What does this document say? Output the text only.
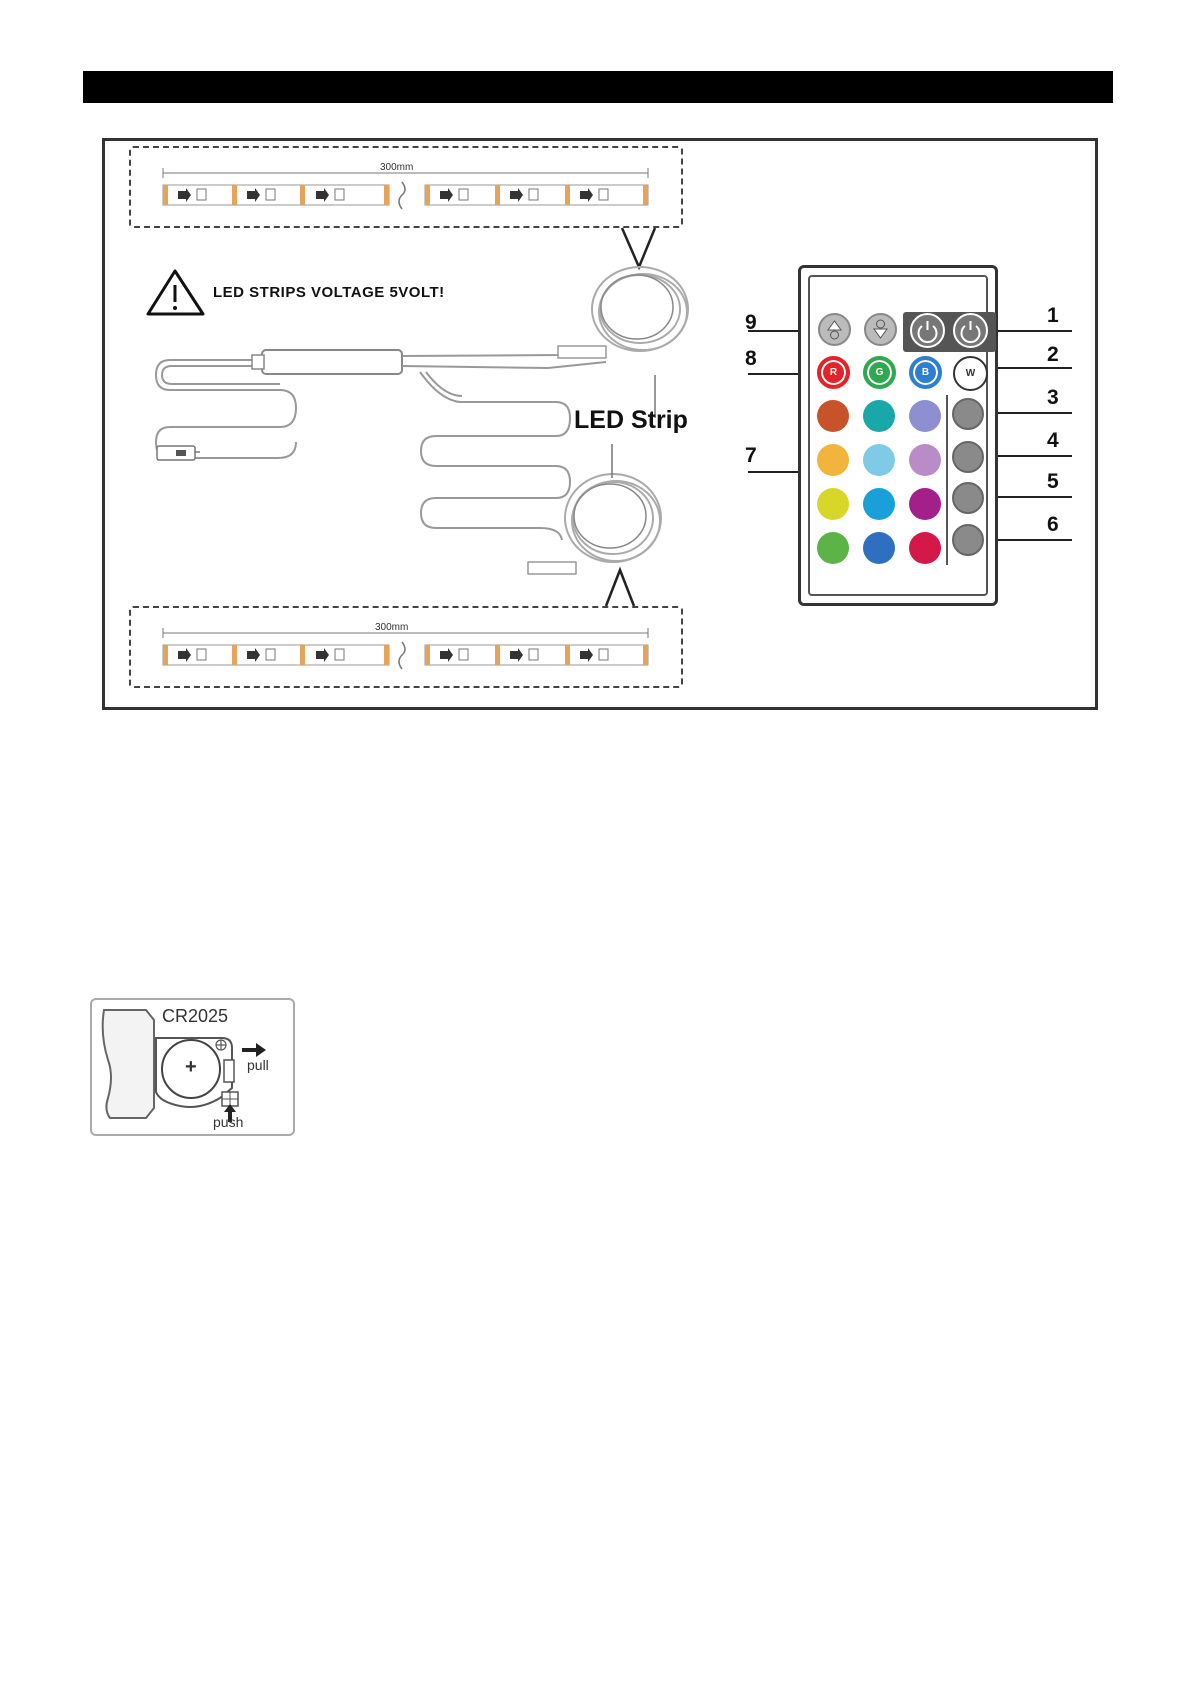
300mm
300mm
LED STRIPS VOLTAGE 5VOLT!
LED Strip
R	G	B	W
1
2
3
4
5
6
7
8
9
CR2025
+	pull
push
